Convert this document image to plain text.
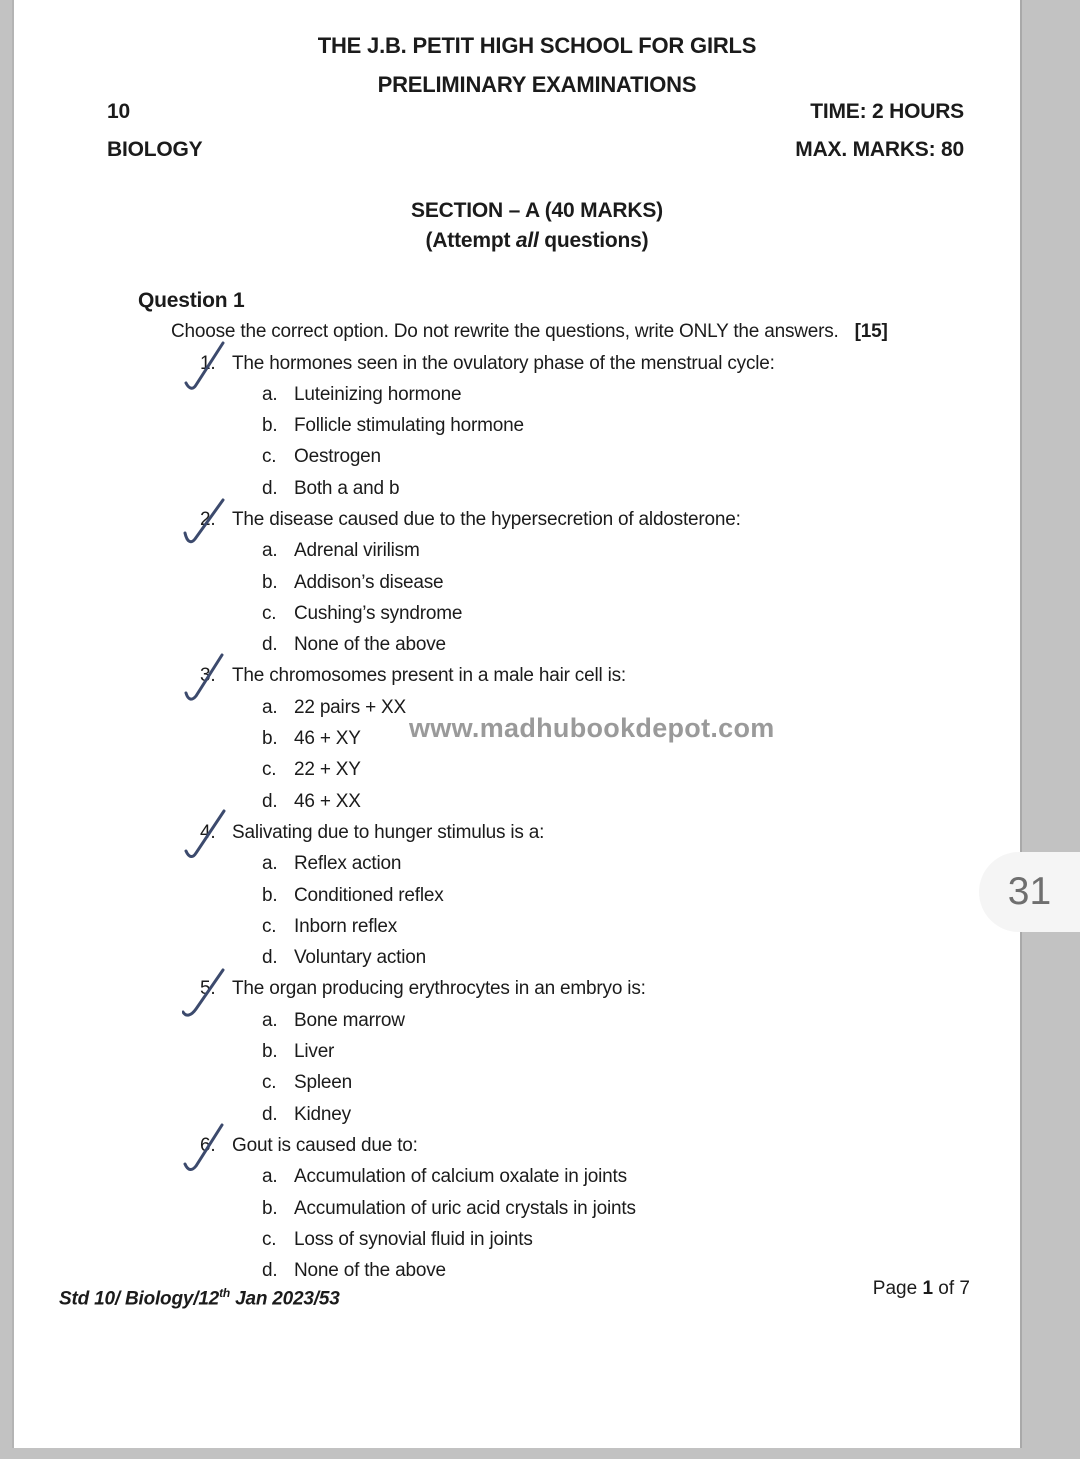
THE J.B. PETIT HIGH SCHOOL FOR GIRLS
PRELIMINARY EXAMINATIONS
10	TIME: 2 HOURS
BIOLOGY	MAX. MARKS: 80
SECTION – A (40 MARKS)
(Attempt all questions)
Question 1
Choose the correct option. Do not rewrite the questions, write ONLY the answers. [15]
1. The hormones seen in the ovulatory phase of the menstrual cycle:
a. Luteinizing hormone
b. Follicle stimulating hormone
c. Oestrogen
d. Both a and b
2. The disease caused due to the hypersecretion of aldosterone:
a. Adrenal virilism
b. Addison’s disease
c. Cushing’s syndrome
d. None of the above
3. The chromosomes present in a male hair cell is:
a. 22 pairs + XX
b. 46 + XY
c. 22 + XY
d. 46 + XX
4. Salivating due to hunger stimulus is a:
a. Reflex action
b. Conditioned reflex
c. Inborn reflex
d. Voluntary action
5. The organ producing erythrocytes in an embryo is:
a. Bone marrow
b. Liver
c. Spleen
d. Kidney
6. Gout is caused due to:
a. Accumulation of calcium oxalate in joints
b. Accumulation of uric acid crystals in joints
c. Loss of synovial fluid in joints
d. None of the above
www.madhubookdepot.com
Std 10/ Biology/12th Jan 2023/53	Page 1 of 7
31
